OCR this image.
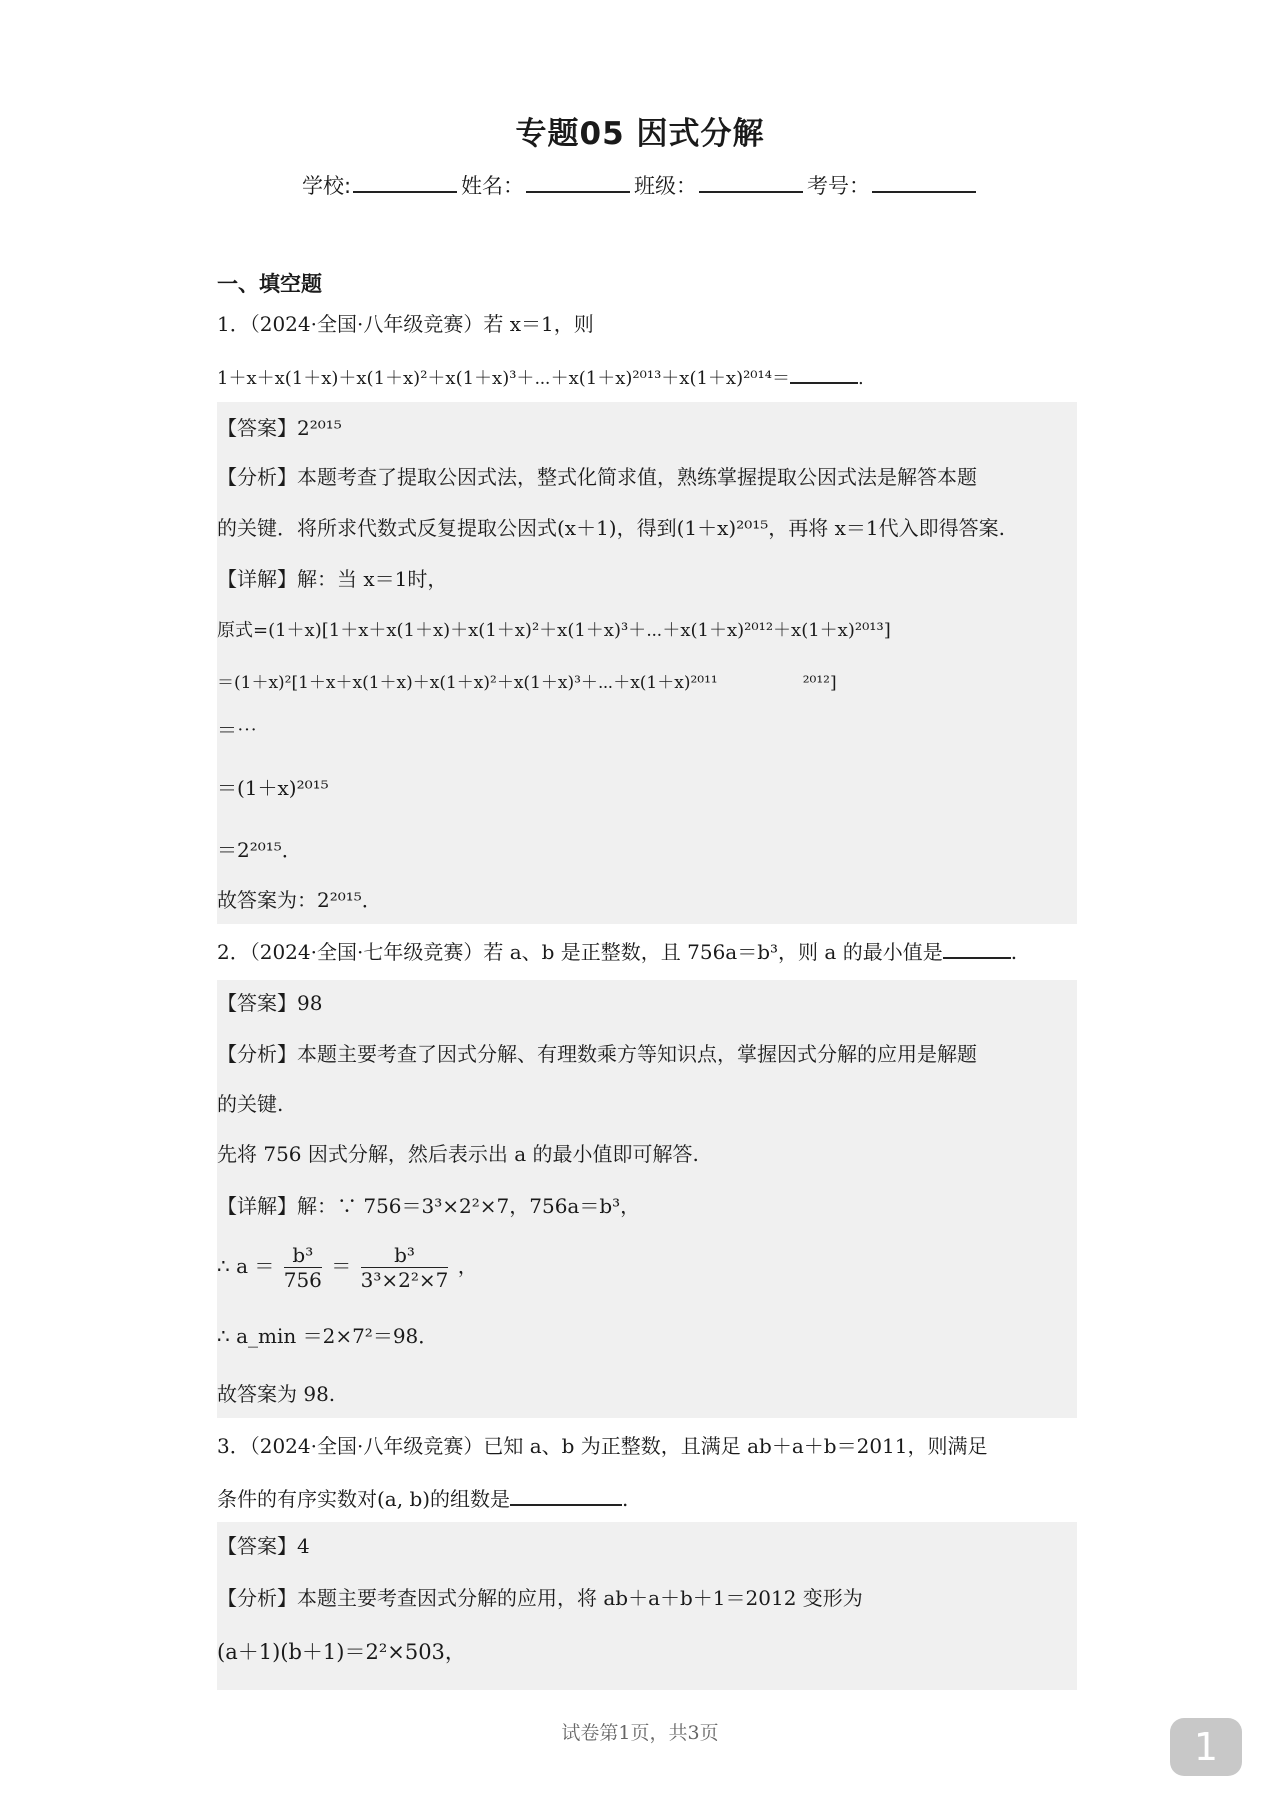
专题05 因式分解
学校:	姓名：	班级：	考号：
一、填空题
1．（2024·全国·八年级竞赛）若 x＝1，则
1＋x＋x(1＋x)＋x(1＋x)²＋x(1＋x)³＋⋯＋x(1＋x)²⁰¹³＋x(1＋x)²⁰¹⁴＝	.
【答案】2²⁰¹⁵
【分析】本题考查了提取公因式法，整式化简求值，熟练掌握提取公因式法是解答本题
的关键．将所求代数式反复提取公因式(x＋1)，得到(1＋x)²⁰¹⁵，再将 x＝1代入即得答案.
【详解】解：当 x＝1时，
原式=(1＋x)[1＋x＋x(1＋x)＋x(1＋x)²＋x(1＋x)³＋⋯＋x(1＋x)²⁰¹²＋x(1＋x)²⁰¹³]
＝(1＋x)²[1＋x＋x(1＋x)＋x(1＋x)²＋x(1＋x)³＋⋯＋x(1＋x)²⁰¹¹　　　　　²⁰¹²]
＝⋯
＝(1＋x)²⁰¹⁵
＝2²⁰¹⁵．
故答案为：2²⁰¹⁵．
2．（2024·全国·七年级竞赛）若 a、b 是正整数，且 756a＝b³，则 a 的最小值是	.
【答案】98
【分析】本题主要考查了因式分解、有理数乘方等知识点，掌握因式分解的应用是解题
的关键.
先将 756 因式分解，然后表示出 a 的最小值即可解答.
【详解】解：∵ 756＝3³×2²×7，756a＝b³，
∴ $a = \frac{\text{b³}}{756} = \frac{\text{b³}}{\text{3³×2²×7}}$ ，
∴ a_min ＝2×7²＝98．
故答案为 98.
3．（2024·全国·八年级竞赛）已知 a、b 为正整数，且满足 ab＋a＋b＝2011，则满足
条件的有序实数对(a, b)的组数是	.
【答案】4
【分析】本题主要考查因式分解的应用，将 ab＋a＋b＋1＝2012 变形为
(a＋1)(b＋1)＝2²×503，
试卷第1页，共3页	1
